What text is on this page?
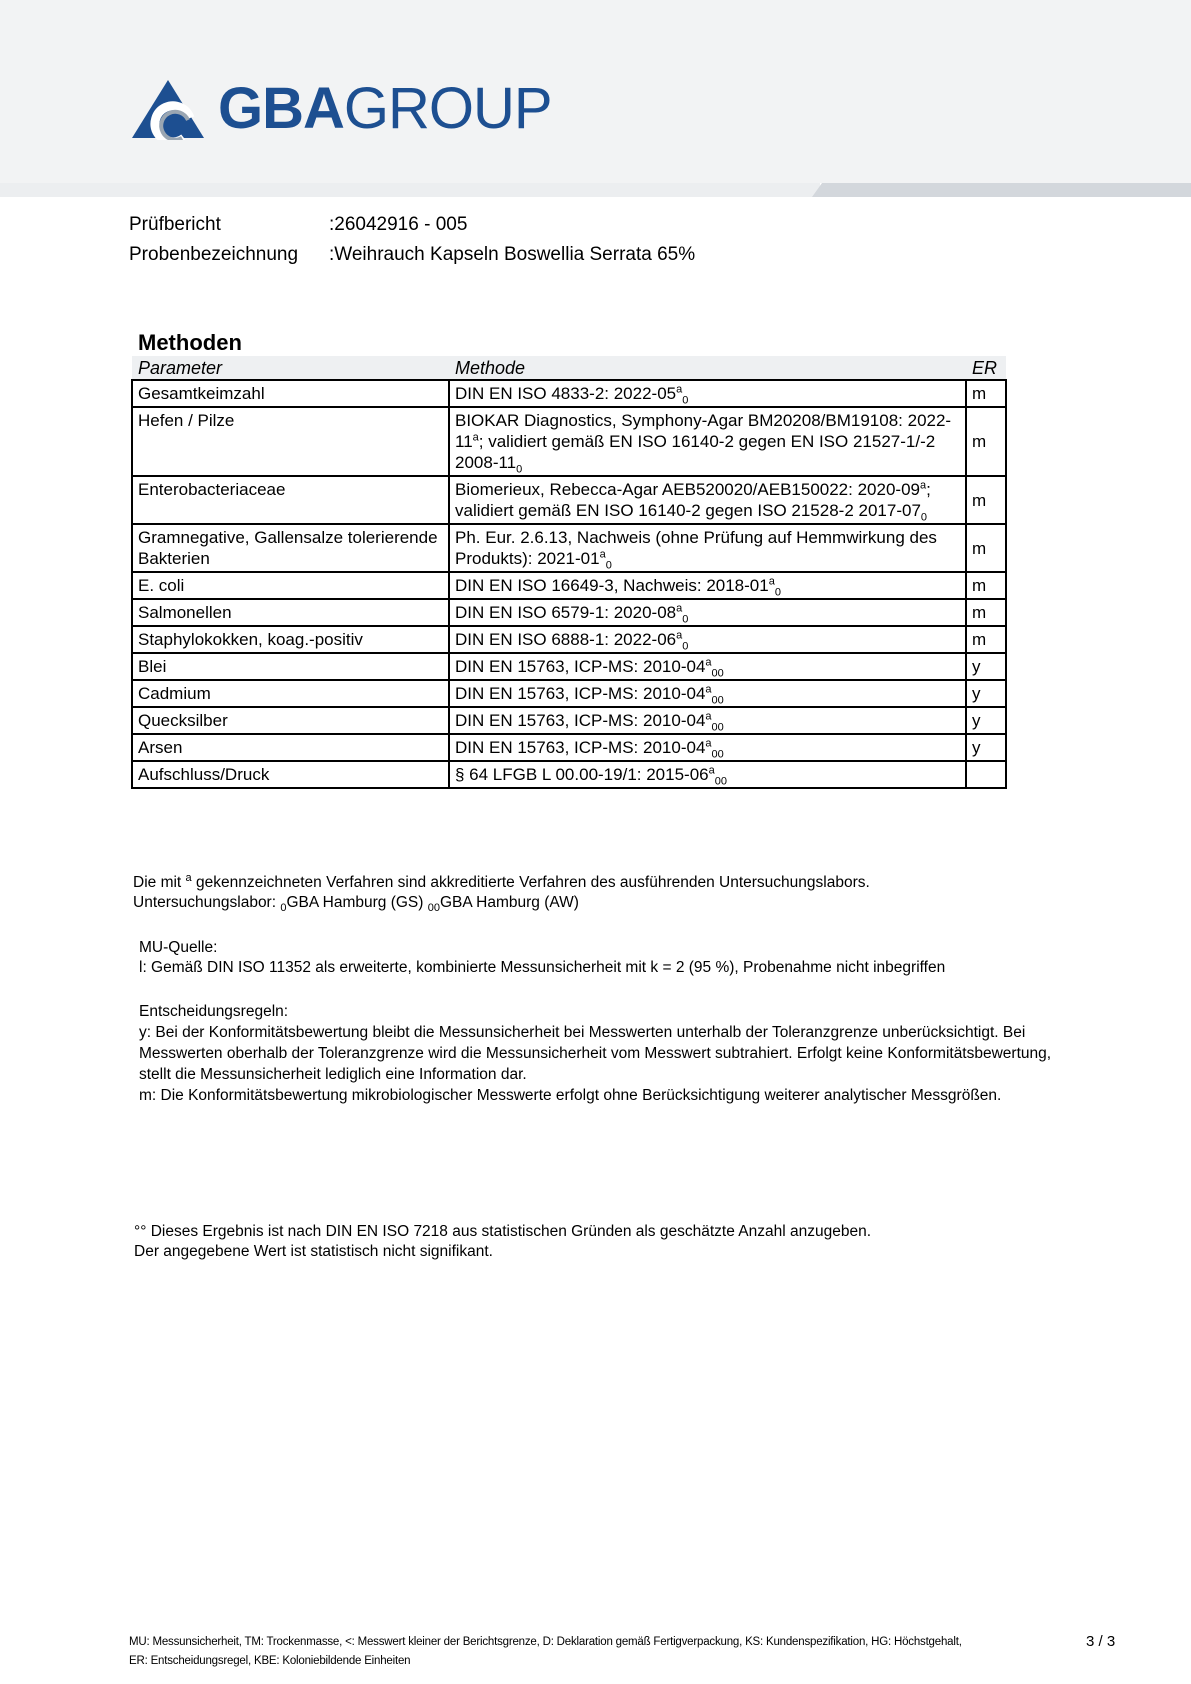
GBAGROUP
Prüfbericht	:26042916 - 005
Probenbezeichnung	:Weihrauch Kapseln Boswellia Serrata 65%
Methoden
Parameter	Methode	ER
Gesamtkeimzahl	DIN EN ISO 4833-2: $2022-05^a_0$	m
Hefen / Pilze	BIOKAR Diagnostics, Symphony-Agar BM20208/BM19108: 2022-11$^a$; validiert gemäß EN ISO 16140-2 gegen EN ISO 21527-1/-2 $2008-11_0$	m
Enterobacteriaceae	Biomerieux, Rebecca-Agar AEB520020/AEB150022: 2020-09$^a$; validiert gemäß EN ISO 16140-2 gegen ISO 21528-2 $2017-07_0$	m
Gramnegative, Gallensalze tolerierende Bakterien	Ph. Eur. 2.6.13, Nachweis (ohne Prüfung auf Hemmwirkung des Produkts): $2021-01^a_0$	m
E. coli	DIN EN ISO 16649-3, Nachweis: $2018-01^a_0$	m
Salmonellen	DIN EN ISO 6579-1: $2020-08^a_0$	m
Staphylokokken, koag.-positiv	DIN EN ISO 6888-1: $2022-06^a_0$	m
Blei	DIN EN 15763, ICP-MS: $2010-04^a_{00}$	y
Cadmium	DIN EN 15763, ICP-MS: $2010-04^a_{00}$	y
Quecksilber	DIN EN 15763, ICP-MS: $2010-04^a_{00}$	y
Arsen	DIN EN 15763, ICP-MS: $2010-04^a_{00}$	y
Aufschluss/Druck	§ 64 LFGB L 00.00-19/1: $2015-06^a_{00}$	
Die mit $^a$ gekennzeichneten Verfahren sind akkreditierte Verfahren des ausführenden Untersuchungslabors.
Untersuchungslabor: $_0$GBA Hamburg (GS) $_{00}$GBA Hamburg (AW)
MU-Quelle:
l: Gemäß DIN ISO 11352 als erweiterte, kombinierte Messunsicherheit mit k = 2 (95 %), Probenahme nicht inbegriffen
Entscheidungsregeln:
y: Bei der Konformitätsbewertung bleibt die Messunsicherheit bei Messwerten unterhalb der Toleranzgrenze unberücksichtigt. Bei Messwerten oberhalb der Toleranzgrenze wird die Messunsicherheit vom Messwert subtrahiert. Erfolgt keine Konformitätsbewertung, stellt die Messunsicherheit lediglich eine Information dar.
m: Die Konformitätsbewertung mikrobiologischer Messwerte erfolgt ohne Berücksichtigung weiterer analytischer Messgrößen.
°° Dieses Ergebnis ist nach DIN EN ISO 7218 aus statistischen Gründen als geschätzte Anzahl anzugeben.
Der angegebene Wert ist statistisch nicht signifikant.
MU: Messunsicherheit, TM: Trockenmasse, <: Messwert kleiner der Berichtsgrenze, D: Deklaration gemäß Fertigverpackung, KS: Kundenspezifikation, HG: Höchstgehalt,
ER: Entscheidungsregel, KBE: Koloniebildende Einheiten
3 / 3
